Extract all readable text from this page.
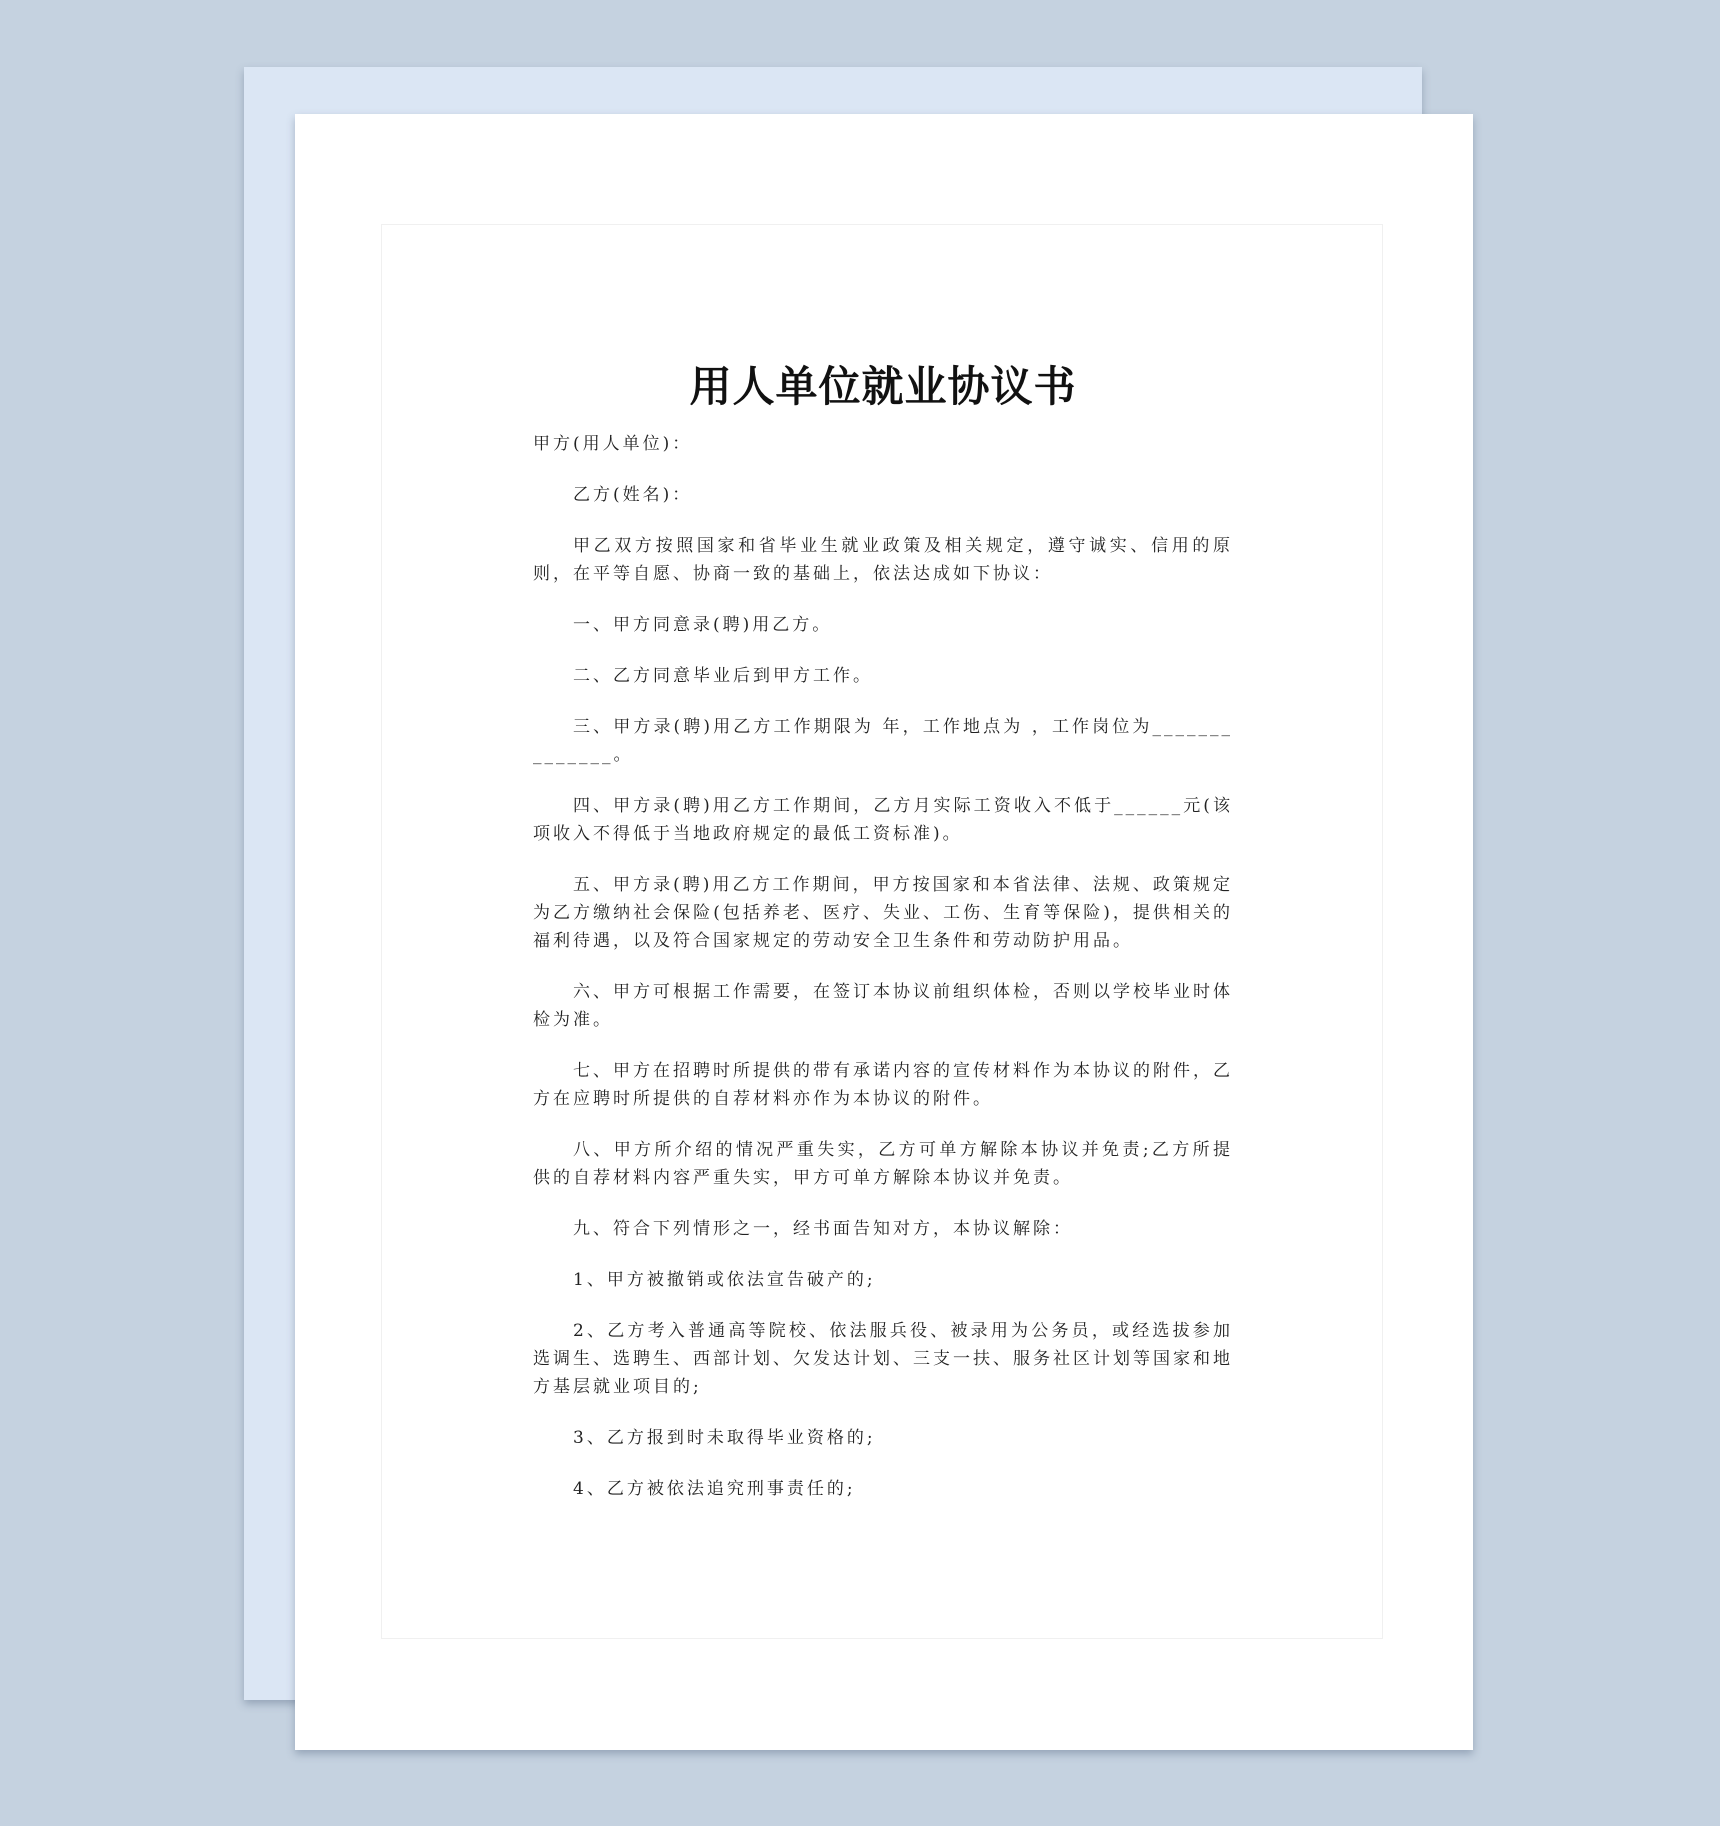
用人单位就业协议书

甲方(用人单位)：

乙方(姓名)：

甲乙双方按照国家和省毕业生就业政策及相关规定，遵守诚实、信用的原则，在平等自愿、协商一致的基础上，依法达成如下协议：

一、甲方同意录(聘)用乙方。

二、乙方同意毕业后到甲方工作。

三、甲方录(聘)用乙方工作期限为 年，工作地点为 ，工作岗位为______________。

四、甲方录(聘)用乙方工作期间，乙方月实际工资收入不低于______元(该项收入不得低于当地政府规定的最低工资标准)。

五、甲方录(聘)用乙方工作期间，甲方按国家和本省法律、法规、政策规定为乙方缴纳社会保险(包括养老、医疗、失业、工伤、生育等保险)，提供相关的福利待遇，以及符合国家规定的劳动安全卫生条件和劳动防护用品。

六、甲方可根据工作需要，在签订本协议前组织体检，否则以学校毕业时体检为准。

七、甲方在招聘时所提供的带有承诺内容的宣传材料作为本协议的附件，乙方在应聘时所提供的自荐材料亦作为本协议的附件。

八、甲方所介绍的情况严重失实，乙方可单方解除本协议并免责;乙方所提供的自荐材料内容严重失实，甲方可单方解除本协议并免责。

九、符合下列情形之一，经书面告知对方，本协议解除：

1、甲方被撤销或依法宣告破产的;

2、乙方考入普通高等院校、依法服兵役、被录用为公务员，或经选拔参加选调生、选聘生、西部计划、欠发达计划、三支一扶、服务社区计划等国家和地方基层就业项目的;

3、乙方报到时未取得毕业资格的;

4、乙方被依法追究刑事责任的;
